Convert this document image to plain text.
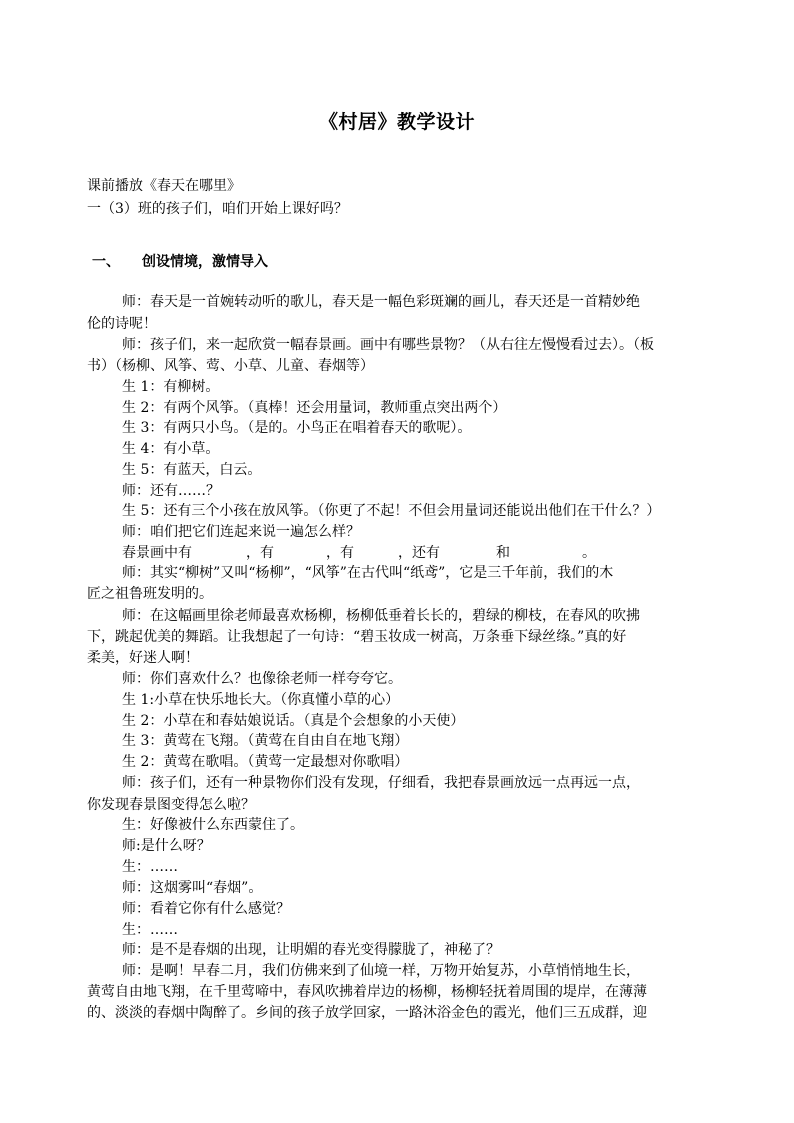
《村居》教学设计
课前播放《春天在哪里》
一（3）班的孩子们，咱们开始上课好吗？
一、 创设情境，激情导入
师：春天是一首婉转动听的歌儿，春天是一幅色彩斑斓的画儿，春天还是一首精妙绝
伦的诗呢！
师：孩子们，来一起欣赏一幅春景画。画中有哪些景物？（从右往左慢慢看过去）。（板
书）（杨柳、风筝、莺、小草、儿童、春烟等）
生 1：有柳树。
生 2：有两个风筝。（真棒！还会用量词，教师重点突出两个）
生 3：有两只小鸟。（是的。小鸟正在唱着春天的歌呢）。
生 4：有小草。
生 5：有蓝天，白云。
师：还有……？
生 5：还有三个小孩在放风筝。（你更了不起！不但会用量词还能说出他们在干什么？）
师：咱们把它们连起来说一遍怎么样？
春景画中有	，有	，有	，还有	和	。
师：其实“柳树”又叫“杨柳”，“风筝”在古代叫“纸鸢”，它是三千年前，我们的木
匠之祖鲁班发明的。
师：在这幅画里徐老师最喜欢杨柳，杨柳低垂着长长的，碧绿的柳枝，在春风的吹拂
下，跳起优美的舞蹈。让我想起了一句诗：“碧玉妆成一树高，万条垂下绿丝绦。”真的好
柔美，好迷人啊！
师：你们喜欢什么？也像徐老师一样夸夸它。
生 1:小草在快乐地长大。（你真懂小草的心）
生 2：小草在和春姑娘说话。（真是个会想象的小天使）
生 3：黄莺在飞翔。（黄莺在自由自在地飞翔）
生 2：黄莺在歌唱。（黄莺一定最想对你歌唱）
师：孩子们，还有一种景物你们没有发现，仔细看，我把春景画放远一点再远一点，
你发现春景图变得怎么啦？
生：好像被什么东西蒙住了。
师:是什么呀？
生：……
师：这烟雾叫“春烟”。
师：看着它你有什么感觉？
生：……
师：是不是春烟的出现，让明媚的春光变得朦胧了，神秘了？
师：是啊！早春二月，我们仿佛来到了仙境一样，万物开始复苏，小草悄悄地生长，
黄莺自由地飞翔，在千里莺啼中，春风吹拂着岸边的杨柳，杨柳轻抚着周围的堤岸，在薄薄
的、淡淡的春烟中陶醉了。乡间的孩子放学回家，一路沐浴金色的霞光，他们三五成群，迎
